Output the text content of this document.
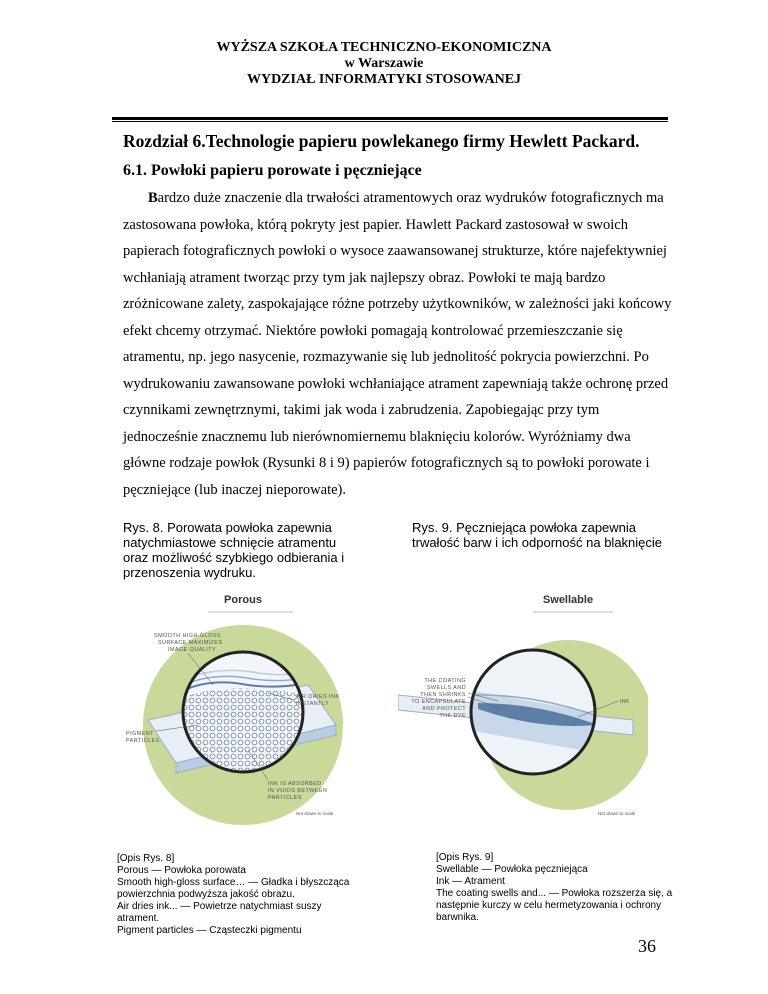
WYŻSZA SZKOŁA TECHNICZNO-EKONOMICZNA
w Warszawie
WYDZIAŁ INFORMATYKI STOSOWANEJ
Rozdział 6.Technologie papieru powlekanego firmy Hewlett Packard.
6.1. Powłoki papieru porowate i pęczniejące

Bardzo duże znaczenie dla trwałości atramentowych oraz wydruków fotograficznych ma zastosowana powłoka, którą pokryty jest papier. Hawlett Packard zastosował w swoich papierach fotograficznych powłoki o wysoce zaawansowanej strukturze, które najefektywniej wchłaniają atrament tworząc przy tym jak najlepszy obraz. Powłoki te mają bardzo zróżnicowane zalety, zaspokajające różne potrzeby użytkowników, w zależności jaki końcowy efekt chcemy otrzymać. Niektóre powłoki pomagają kontrolować przemieszczanie się atramentu, np. jego nasycenie, rozmazywanie się lub jednolitość pokrycia powierzchni. Po wydrukowaniu zawansowane powłoki wchłaniające atrament zapewniają także ochronę przed czynnikami zewnętrznymi, takimi jak woda i zabrudzenia. Zapobiegając przy tym jednocześnie znacznemu lub nierównomiernemu blaknięciu kolorów. Wyróżniamy dwa główne rodzaje powłok (Rysunki 8 i 9) papierów fotograficznych są to powłoki porowate i pęczniejące (lub inaczej nieporowate).

Rys. 8. Porowata powłoka zapewnia natychmiastowe schnięcie atramentu oraz możliwość szybkiego odbierania i przenoszenia wydruku.
Rys. 9. Pęczniejąca powłoka zapewnia trwałość barw i ich odporność na blaknięcie
Porous
SMOOTH HIGH-GLOSS
SURFACE MAXIMIZES
IMAGE QUALITY
AIR DRIES INK
INSTANTLY
PIGMENT
PARTICLES
INK IS ABSORBED
IN VOIDS BETWEEN
PARTICLES
Not drawn to scale
Swellable
THE COATING
SWELLS AND
THEN SHRINKS
TO ENCAPSULATE
AND PROTECT
THE DYE
INK
Not drawn to scale
[Opis Rys. 8]
Porous — Powłoka porowata
Smooth high-gloss surface… — Gładka i błyszcząca powierzchnia podwyższa jakość obrazu.
Air dries ink... — Powietrze natychmiast suszy atrament.
Pigment particles — Cząsteczki pigmentu
[Opis Rys. 9]
Swellable — Powłoka pęczniejąca
Ink — Atrament
The coating swells and... — Powłoka rozszerza się, a następnie kurczy w celu hermetyzowania i ochrony barwnika.
36
